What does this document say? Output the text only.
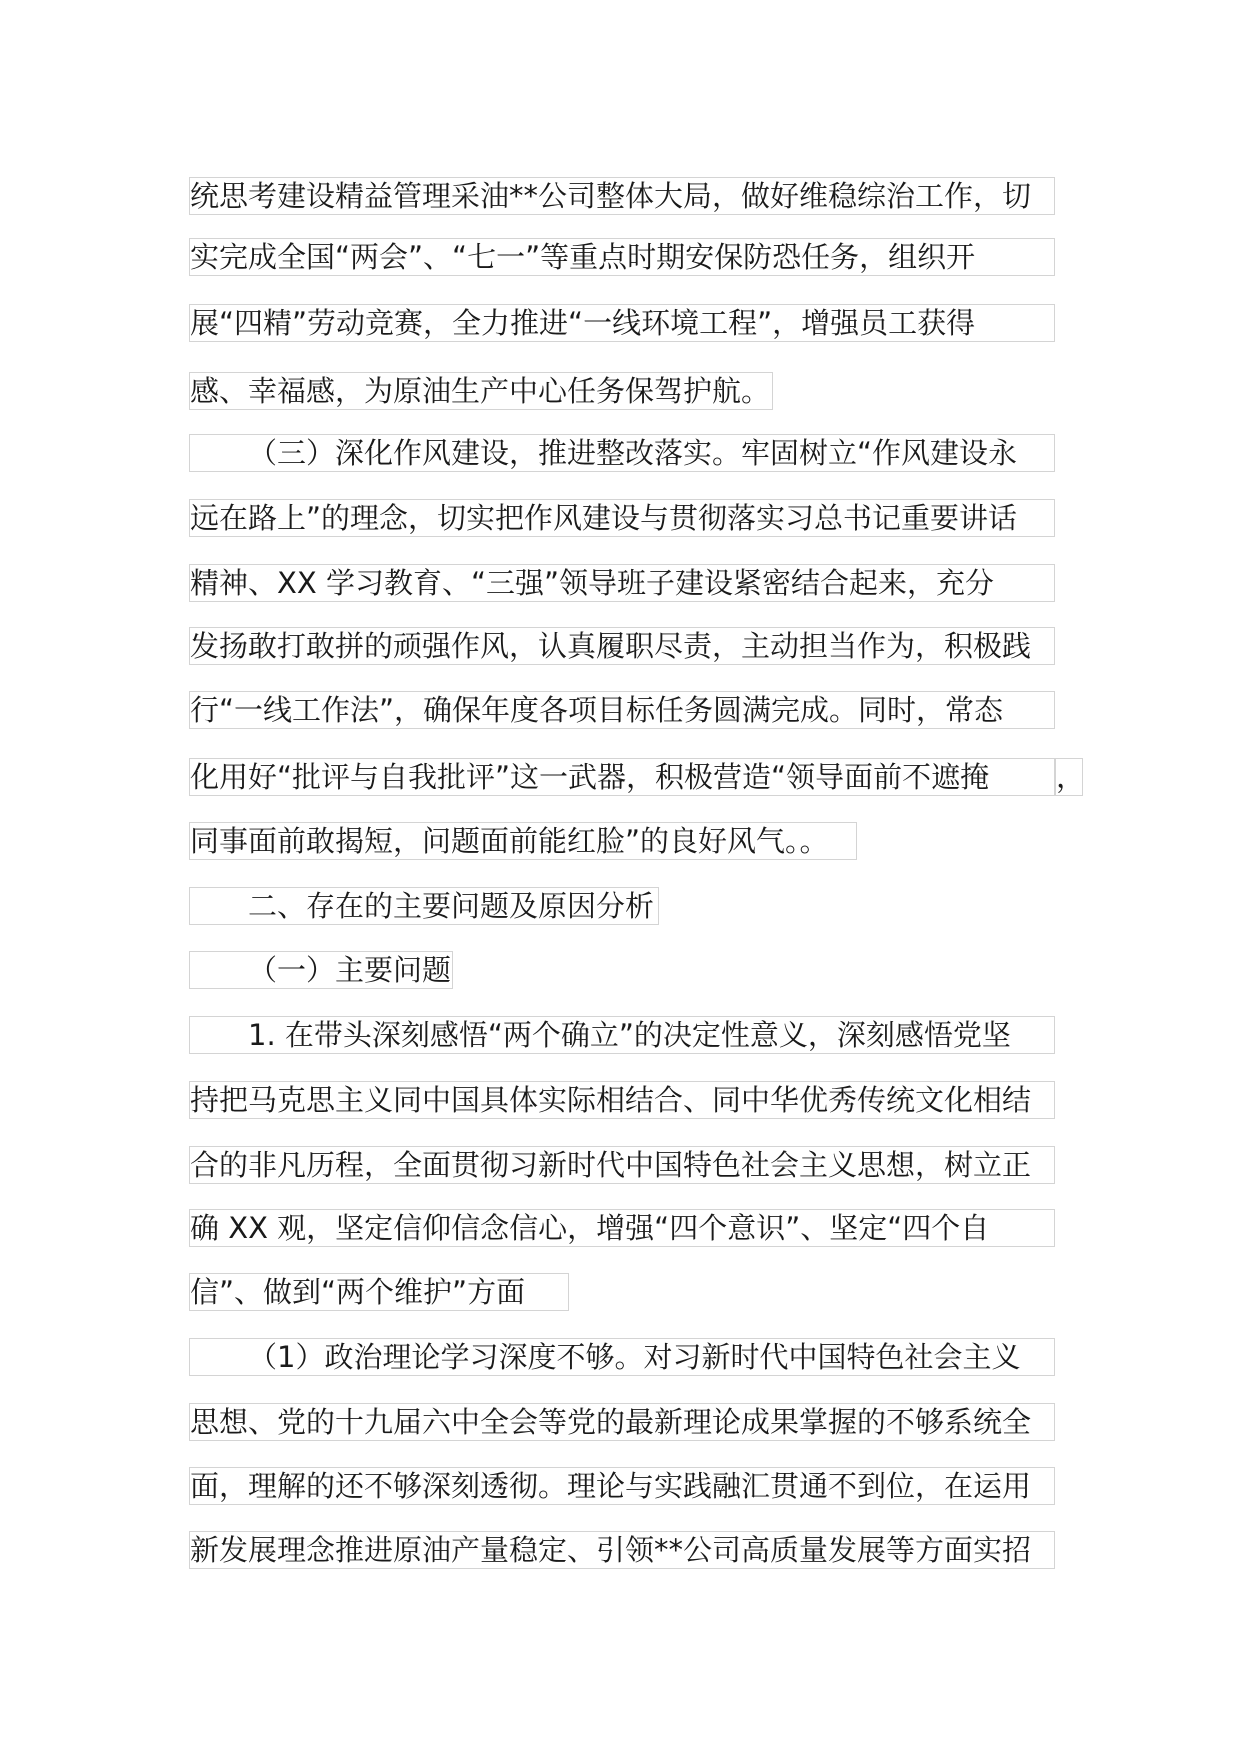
统思考建设精益管理采油**公司整体大局，做好维稳综治工作，切
实完成全国“两会”、“七一”等重点时期安保防恐任务，组织开
展“四精”劳动竞赛，全力推进“一线环境工程”，增强员工获得
感、幸福感，为原油生产中心任务保驾护航。
（三）深化作风建设，推进整改落实。牢固树立“作风建设永
远在路上”的理念，切实把作风建设与贯彻落实习总书记重要讲话
精神、XX 学习教育、“三强”领导班子建设紧密结合起来，充分
发扬敢打敢拼的顽强作风，认真履职尽责，主动担当作为，积极践
行“一线工作法”，确保年度各项目标任务圆满完成。同时，常态
化用好“批评与自我批评”这一武器，积极营造“领导面前不遮掩	，
同事面前敢揭短，问题面前能红脸”的良好风气。。
二、存在的主要问题及原因分析
（一）主要问题
1. 在带头深刻感悟“两个确立”的决定性意义，深刻感悟党坚
持把马克思主义同中国具体实际相结合、同中华优秀传统文化相结
合的非凡历程，全面贯彻习新时代中国特色社会主义思想，树立正
确 XX 观，坚定信仰信念信心，增强“四个意识”、坚定“四个自
信”、做到“两个维护”方面
（1）政治理论学习深度不够。对习新时代中国特色社会主义
思想、党的十九届六中全会等党的最新理论成果掌握的不够系统全
面，理解的还不够深刻透彻。理论与实践融汇贯通不到位，在运用
新发展理念推进原油产量稳定、引领**公司高质量发展等方面实招
